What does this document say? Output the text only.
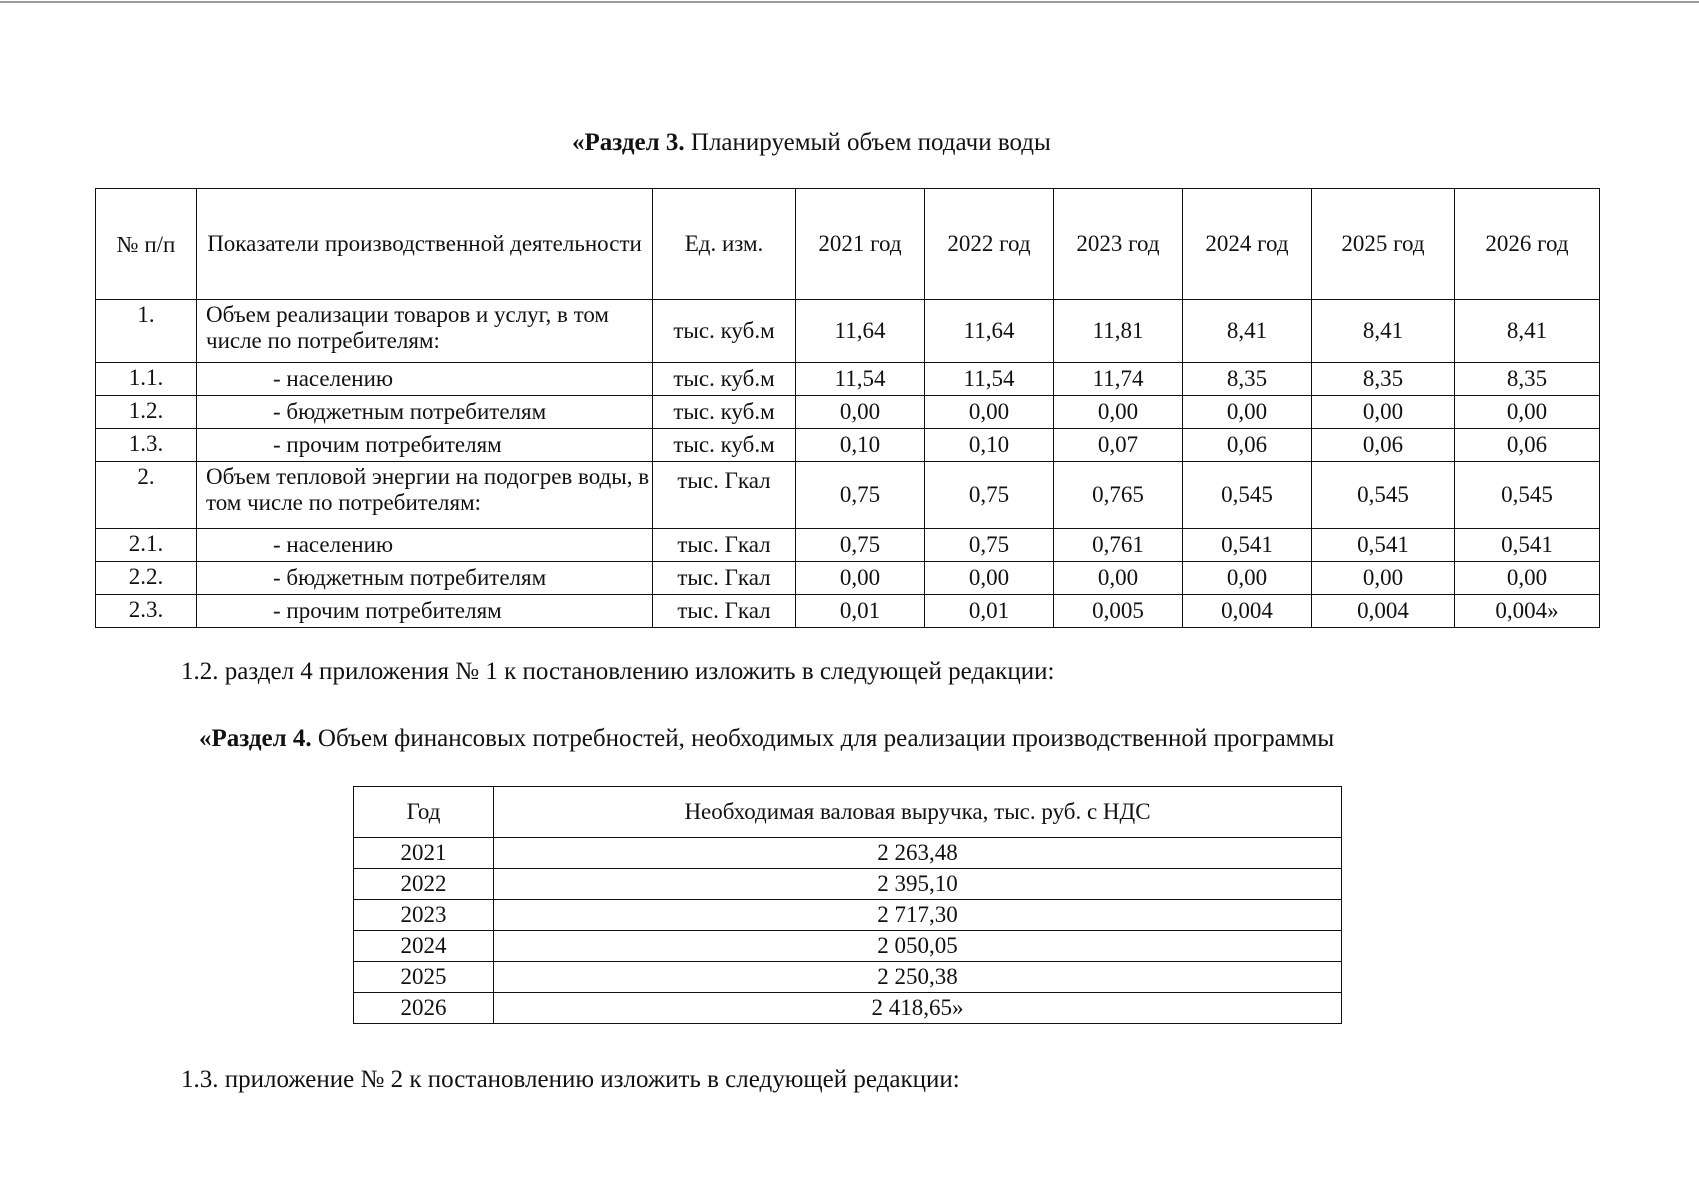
«Раздел 3. Планируемый объем подачи воды
№ п/п	Показатели производственной деятельности	Ед. изм.	2021 год	2022 год	2023 год	2024 год	2025 год	2026 год
1.	Объем реализации товаров и услуг, в том числе по потребителям:	тыс. куб.м	11,64	11,64	11,81	8,41	8,41	8,41
1.1.	- населению	тыс. куб.м	11,54	11,54	11,74	8,35	8,35	8,35
1.2.	- бюджетным потребителям	тыс. куб.м	0,00	0,00	0,00	0,00	0,00	0,00
1.3.	- прочим потребителям	тыс. куб.м	0,10	0,10	0,07	0,06	0,06	0,06
2.	Объем тепловой энергии на подогрев воды, в том числе по потребителям:	тыс. Гкал	0,75	0,75	0,765	0,545	0,545	0,545
2.1.	- населению	тыс. Гкал	0,75	0,75	0,761	0,541	0,541	0,541
2.2.	- бюджетным потребителям	тыс. Гкал	0,00	0,00	0,00	0,00	0,00	0,00
2.3.	- прочим потребителям	тыс. Гкал	0,01	0,01	0,005	0,004	0,004	0,004»
1.2. раздел 4 приложения № 1 к постановлению изложить в следующей редакции:
«Раздел 4. Объем финансовых потребностей, необходимых для реализации производственной программы
Год	Необходимая валовая выручка, тыс. руб. с НДС
2021	2 263,48
2022	2 395,10
2023	2 717,30
2024	2 050,05
2025	2 250,38
2026	2 418,65»
1.3. приложение № 2 к постановлению изложить в следующей редакции:
